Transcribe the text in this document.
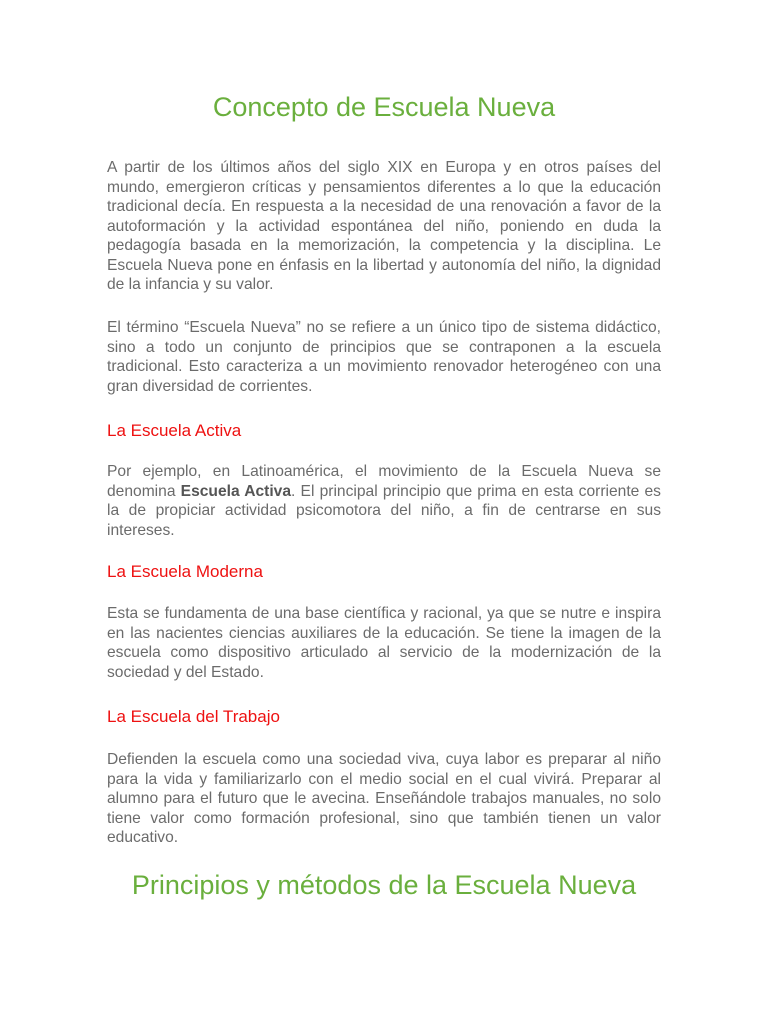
Concepto de Escuela Nueva

A partir de los últimos años del siglo XIX en Europa y en otros países del mundo, emergieron críticas y pensamientos diferentes a lo que la educación tradicional decía. En respuesta a la necesidad de una renovación a favor de la autoformación y la actividad espontánea del niño, poniendo en duda la pedagogía basada en la memorización, la competencia y la disciplina. Le Escuela Nueva pone en énfasis en la libertad y autonomía del niño, la dignidad de la infancia y su valor.

El término “Escuela Nueva” no se refiere a un único tipo de sistema didáctico, sino a todo un conjunto de principios que se contraponen a la escuela tradicional. Esto caracteriza a un movimiento renovador heterogéneo con una gran diversidad de corrientes.

La Escuela Activa

Por ejemplo, en Latinoamérica, el movimiento de la Escuela Nueva se denomina Escuela Activa. El principal principio que prima en esta corriente es la de propiciar actividad psicomotora del niño, a fin de centrarse en sus intereses.

La Escuela Moderna

Esta se fundamenta de una base científica y racional, ya que se nutre e inspira en las nacientes ciencias auxiliares de la educación. Se tiene la imagen de la escuela como dispositivo articulado al servicio de la modernización de la sociedad y del Estado.

La Escuela del Trabajo

Defienden la escuela como una sociedad viva, cuya labor es preparar al niño para la vida y familiarizarlo con el medio social en el cual vivirá. Preparar al alumno para el futuro que le avecina. Enseñándole trabajos manuales, no solo tiene valor como formación profesional, sino que también tienen un valor educativo.

Principios y métodos de la Escuela Nueva
